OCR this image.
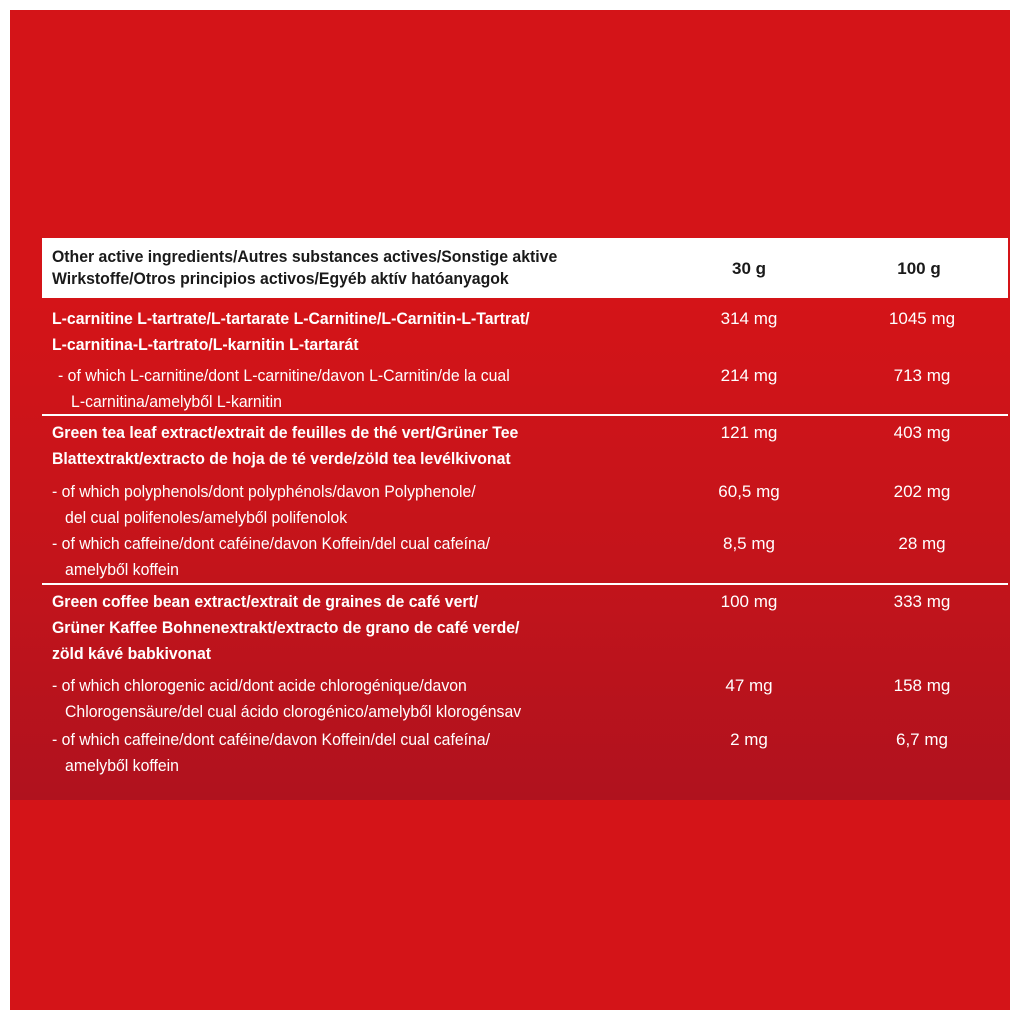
Other active ingredients/Autres substances actives/Sonstige aktive
Wirkstoffe/Otros principios activos/Egyéb aktív hatóanyagok
30 g	100 g
L-carnitine L-tartrate/L-tartarate L-Carnitine/L-Carnitin-L-Tartrat/
L-carnitina-L-tartrato/L-karnitin L-tartarát
314 mg	1045 mg
- of which L-carnitine/dont L-carnitine/davon L-Carnitin/de la cual
L-carnitina/amelyből L-karnitin
214 mg	713 mg
Green tea leaf extract/extrait de feuilles de thé vert/Grüner Tee
Blattextrakt/extracto de hoja de té verde/zöld tea levélkivonat
121 mg	403 mg
- of which polyphenols/dont polyphénols/davon Polyphenole/
del cual polifenoles/amelyből polifenolok
60,5 mg	202 mg
- of which caffeine/dont caféine/davon Koffein/del cual cafeína/
amelyből koffein
8,5 mg	28 mg
Green coffee bean extract/extrait de graines de café vert/
Grüner Kaffee Bohnenextrakt/extracto de grano de café verde/
zöld kávé babkivonat
100 mg	333 mg
- of which chlorogenic acid/dont acide chlorogénique/davon
Chlorogensäure/del cual ácido clorogénico/amelyből klorogénsav
47 mg	158 mg
- of which caffeine/dont caféine/davon Koffein/del cual cafeína/
amelyből koffein
2 mg	6,7 mg
